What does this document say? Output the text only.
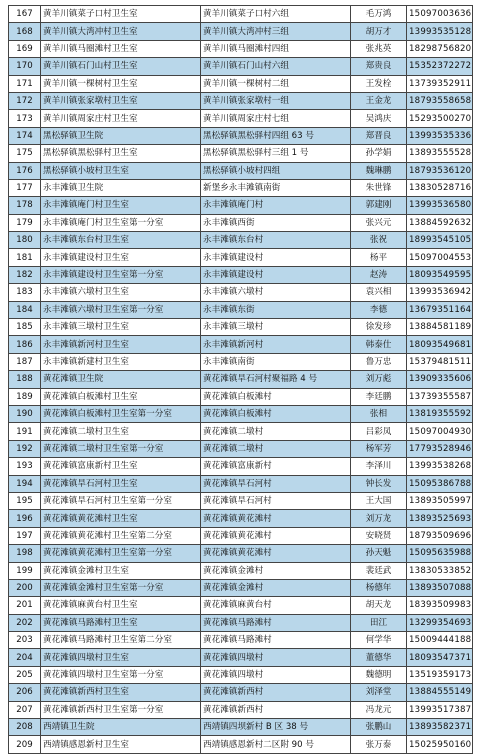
167	黄羊川镇菜子口村卫生室	黄羊川镇菜子口村六组	毛万鸿	15097003636
168	黄羊川镇大湾冲村卫生室	黄羊川镇大湾冲村三组	胡万才	13993535128
169	黄羊川镇马圈滩村卫生室	黄羊川镇马圈滩村四组	张兆英	18298756820
170	黄羊川镇石门山村卫生室	黄羊川镇石门山村六组	郑贵良	15352372272
171	黄羊川镇一棵树村卫生室	黄羊川镇一棵树村二组	王发栓	13739352911
172	黄羊川镇张家墩村卫生室	黄羊川镇张家墩村一组	王金龙	18793558658
173	黄羊川镇周家庄村卫生室	黄羊川镇周家庄村七组	吴鸿庆	15293500270
174	黑松驿镇卫生院	黑松驿镇黑松驿村四组 63 号	郑晋良	13993535336
175	黑松驿镇黑松驿村卫生室	黑松驿镇黑松驿村三组 1 号	孙学娟	13893555528
176	黑松驿镇小坡村卫生室	黑松驿镇小坡村四组	魏琳鹏	18793536120
177	永丰滩镇卫生院	新堡乡永丰滩镇南街	朱世锋	13830528716
178	永丰滩镇庵门村卫生室	永丰滩镇庵门村	郭建刚	13993536580
179	永丰滩镇庵门村卫生室第一分室	永丰滩镇西街	张兴元	13884592632
180	永丰滩镇东台村卫生室	永丰滩镇东台村	张祝	18993545105
181	永丰滩镇建设村卫生室	永丰滩镇建设村	杨平	15097004553
182	永丰滩镇建设村卫生室第一分室	永丰滩镇建设村	赵涛	18093549595
183	永丰滩镇六墩村卫生室	永丰滩镇六墩村	袁兴相	13993536942
184	永丰滩镇六墩村卫生室第一分室	永丰滩镇东街	李德	13679351164
185	永丰滩镇三墩村卫生室	永丰滩镇三墩村	徐发珍	13884581189
186	永丰滩镇新河村卫生室	永丰滩镇新河村	韩泰仕	18093549681
187	永丰滩镇新建村卫生室	永丰滩镇南街	鲁万忠	15379481511
188	黄花滩镇卫生院	黄花滩镇旱石河村聚福路 4 号	刘万彪	13909335606
189	黄花滩镇白板滩村卫生室	黄花滩镇白板滩村	李廷鹏	13739355587
190	黄花滩镇白板滩村卫生室第一分室	黄花滩镇白板滩村	张相	13819355592
191	黄花滩镇二墩村卫生室	黄花滩镇二墩村	吕彩凤	15097004930
192	黄花滩镇二墩村卫生室第一分室	黄花滩镇二墩村	杨军芳	17793528946
193	黄花滩镇富康新村卫生室	黄花滩镇富康新村	李泽川	13993538268
194	黄花滩镇旱石河村卫生室	黄花滩镇旱石河村	钟长发	15095386788
195	黄花滩镇旱石河村卫生室第一分室	黄花滩镇旱石河村	王大国	13893505997
196	黄花滩镇黄花滩村卫生室	黄花滩镇黄花滩村	刘万龙	13893525693
197	黄花滩镇黄花滩村卫生室第二分室	黄花滩镇黄花滩村	安晓贤	18793509696
198	黄花滩镇黄花滩村卫生室第一分室	黄花滩镇黄花滩村	孙天魁	15095635988
199	黄花滩镇金滩村卫生室	黄花滩镇金滩村	裴廷武	13830533852
200	黄花滩镇金滩村卫生室第一分室	黄花滩镇金滩村	杨德年	13893507088
201	黄花滩镇麻黄台村卫生室	黄花滩镇麻黄台村	胡天龙	18393509983
202	黄花滩镇马路滩村卫生室	黄花滩镇马路滩村	田江	13299354693
203	黄花滩镇马路滩村卫生室第二分室	黄花滩镇马路滩村	何学华	15009444188
204	黄花滩镇四墩村卫生室	黄花滩镇四墩村	董德华	18093547371
205	黄花滩镇四墩村卫生室第一分室	黄花滩镇四墩村	魏德明	13519359173
206	黄花滩镇新西村卫生室	黄花滩镇新西村	刘泽堂	13884555149
207	黄花滩镇新西村卫生室第一分室	黄花滩镇新西村	冯龙元	13993517387
208	西靖镇卫生院	西靖镇四坝新村 B 区 38 号	张鹏山	13893582371
209	西靖镇感恩新村卫生室	西靖镇感恩新村二区附 90 号	张万泰	15025950160
